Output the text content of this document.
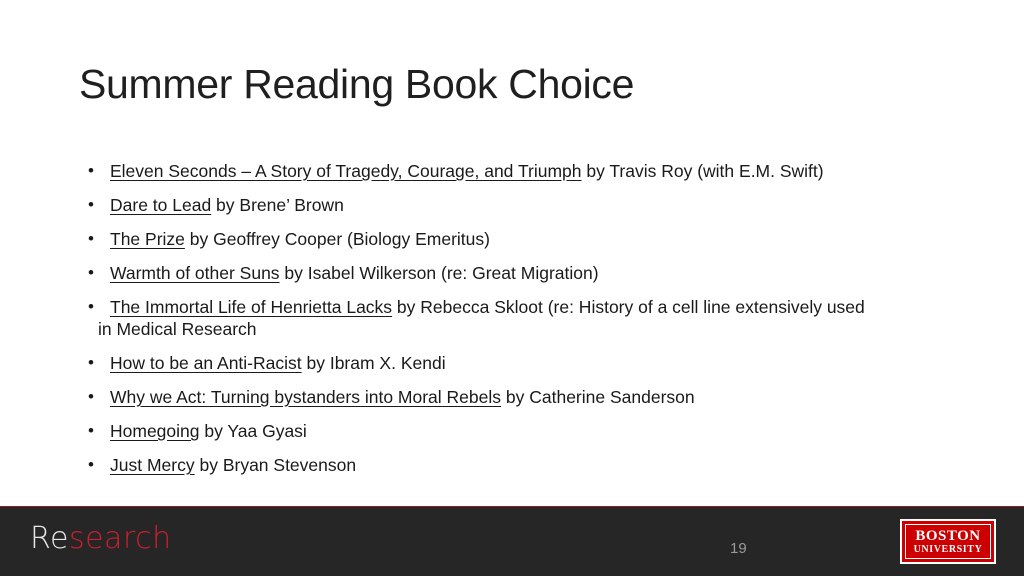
Summer Reading Book Choice
• Eleven Seconds – A Story of Tragedy, Courage, and Triumph by Travis Roy (with E.M. Swift)
• Dare to Lead by Brene’ Brown
• The Prize by Geoffrey Cooper (Biology Emeritus)
• Warmth of other Suns by Isabel Wilkerson (re: Great Migration)
• The Immortal Life of Henrietta Lacks by Rebecca Skloot (re: History of a cell line extensively used
in Medical Research
• How to be an Anti-Racist by Ibram X. Kendi
• Why we Act: Turning bystanders into Moral Rebels by Catherine Sanderson
• Homegoing by Yaa Gyasi
• Just Mercy by Bryan Stevenson
Research	19
BOSTON
UNIVERSITY
